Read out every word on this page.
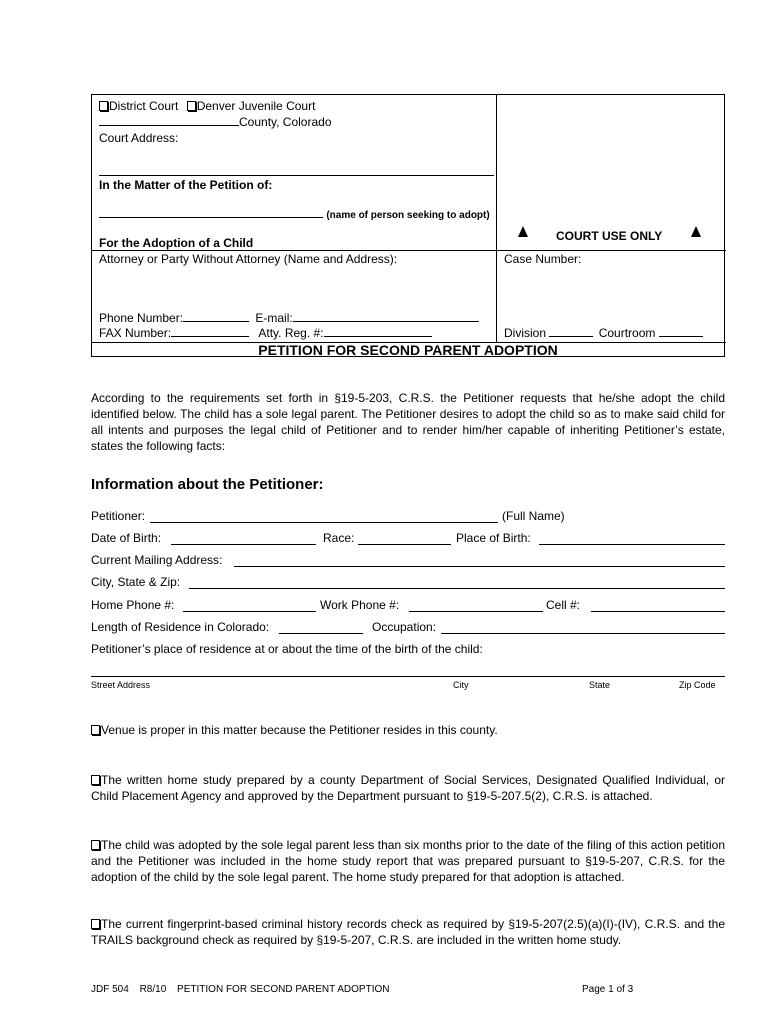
District Court Denver Juvenile Court
County, Colorado
Court Address:
In the Matter of the Petition of:
(name of person seeking to adopt)
For the Adoption of a Child	COURT USE ONLY
Attorney or Party Without Attorney (Name and Address):
Phone Number:	E-mail:
FAX Number:	Atty. Reg. #:
Case Number:
Division	Courtroom
PETITION FOR SECOND PARENT ADOPTION
According to the requirements set forth in §19-5-203, C.R.S. the Petitioner requests that he/she adopt the child identified below. The child has a sole legal parent. The Petitioner desires to adopt the child so as to make said child for all intents and purposes the legal child of Petitioner and to render him/her capable of inheriting Petitioner’s estate, states the following facts:
Information about the Petitioner:
Petitioner:	(Full Name)
Date of Birth:	Race:	Place of Birth:
Current Mailing Address:
City, State & Zip:
Home Phone #:	Work Phone #:	Cell #:
Length of Residence in Colorado:	Occupation:
Petitioner’s place of residence at or about the time of the birth of the child:
Street Address	City	State	Zip Code
Venue is proper in this matter because the Petitioner resides in this county.
The written home study prepared by a county Department of Social Services, Designated Qualified Individual, or Child Placement Agency and approved by the Department pursuant to §19-5-207.5(2), C.R.S. is attached.
The child was adopted by the sole legal parent less than six months prior to the date of the filing of this action petition and the Petitioner was included in the home study report that was prepared pursuant to §19-5-207, C.R.S. for the adoption of the child by the sole legal parent. The home study prepared for that adoption is attached.
The current fingerprint-based criminal history records check as required by §19-5-207(2.5)(a)(I)-(IV), C.R.S. and the TRAILS background check as required by §19-5-207, C.R.S. are included in the written home study.
JDF 504 R8/10 PETITION FOR SECOND PARENT ADOPTION	Page 1 of 3
